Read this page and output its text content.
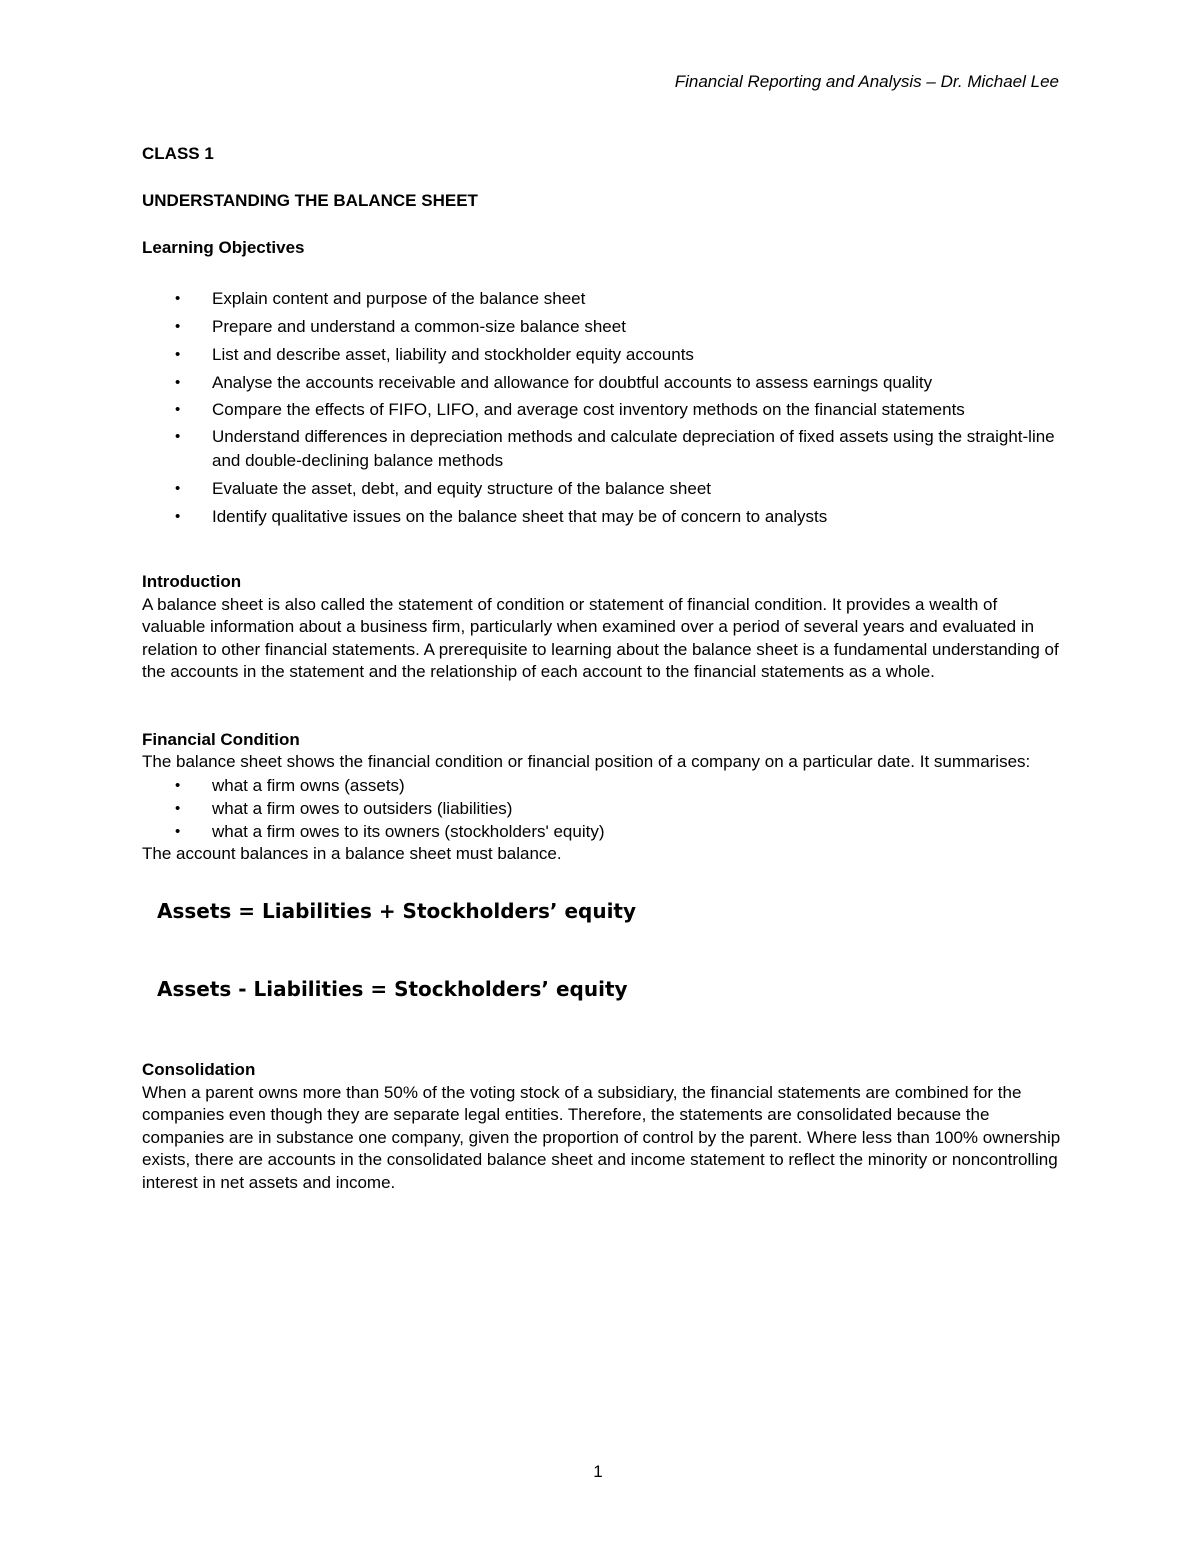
Financial Reporting and Analysis – Dr. Michael Lee

CLASS 1

UNDERSTANDING THE BALANCE SHEET

Learning Objectives

• Explain content and purpose of the balance sheet
• Prepare and understand a common-size balance sheet
• List and describe asset, liability and stockholder equity accounts
• Analyse the accounts receivable and allowance for doubtful accounts to assess earnings quality
• Compare the effects of FIFO, LIFO, and average cost inventory methods on the financial statements
• Understand differences in depreciation methods and calculate depreciation of fixed assets using the straight-line and double-declining balance methods
• Evaluate the asset, debt, and equity structure of the balance sheet
• Identify qualitative issues on the balance sheet that may be of concern to analysts

Introduction

A balance sheet is also called the statement of condition or statement of financial condition. It provides a wealth of valuable information about a business firm, particularly when examined over a period of several years and evaluated in relation to other financial statements. A prerequisite to learning about the balance sheet is a fundamental understanding of the accounts in the statement and the relationship of each account to the financial statements as a whole.

Financial Condition

The balance sheet shows the financial condition or financial position of a company on a particular date. It summarises:

• what a firm owns (assets)
• what a firm owes to outsiders (liabilities)
• what a firm owes to its owners (stockholders' equity)

The account balances in a balance sheet must balance.

Assets = Liabilities + Stockholders’ equity

Assets - Liabilities = Stockholders’ equity

Consolidation

When a parent owns more than 50% of the voting stock of a subsidiary, the financial statements are combined for the companies even though they are separate legal entities. Therefore, the statements are consolidated because the companies are in substance one company, given the proportion of control by the parent. Where less than 100% ownership exists, there are accounts in the consolidated balance sheet and income statement to reflect the minority or noncontrolling interest in net assets and income.

1
